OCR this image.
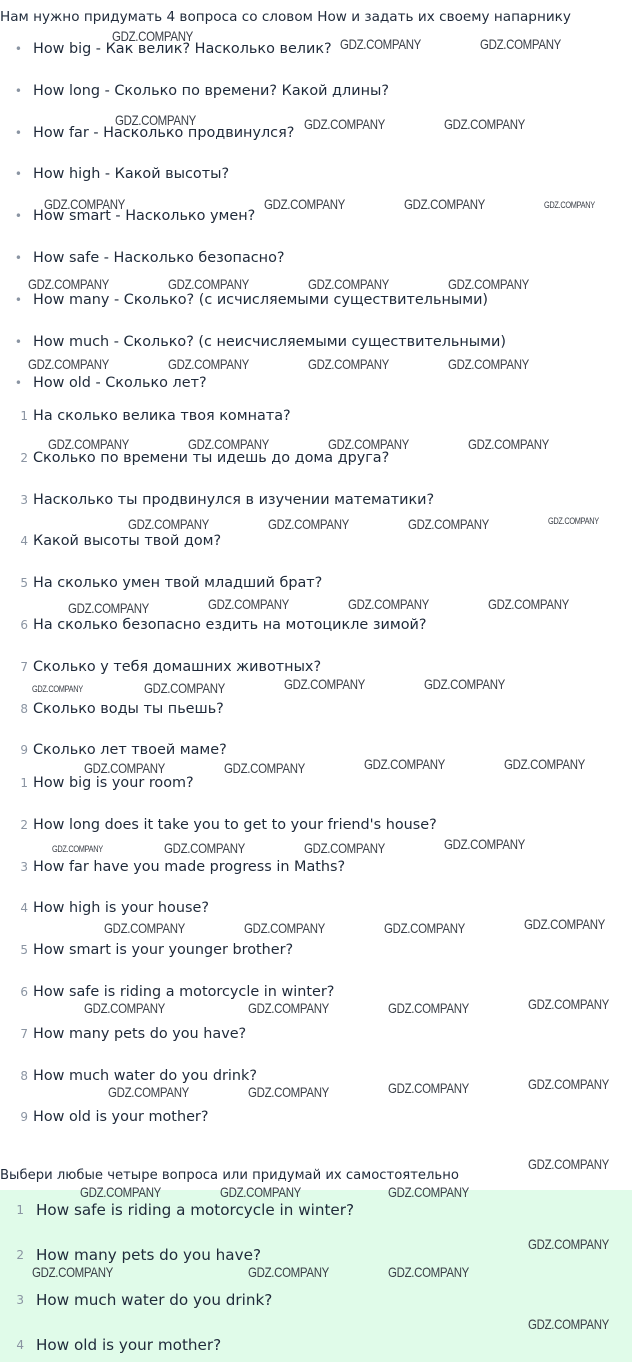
Нам нужно придумать 4 вопроса со словом How и задать их своему напарнику
• How big - Как велик? Насколько велик?
• How long - Сколько по времени? Какой длины?
• How far - Насколько продвинулся?
• How high - Какой высоты?
• How smart - Насколько умен?
• How safe - Насколько безопасно?
• How many - Сколько? (с исчисляемыми существительными)
• How much - Сколько? (с неисчисляемыми существительными)
• How old - Сколько лет?
1 На сколько велика твоя комната?
2 Сколько по времени ты идешь до дома друга?
3 Насколько ты продвинулся в изучении математики?
4 Какой высоты твой дом?
5 На сколько умен твой младший брат?
6 На сколько безопасно ездить на мотоцикле зимой?
7 Сколько у тебя домашних животных?
8 Сколько воды ты пьешь?
9 Сколько лет твоей маме?
1 How big is your room?
2 How long does it take you to get to your friend's house?
3 How far have you made progress in Maths?
4 How high is your house?
5 How smart is your younger brother?
6 How safe is riding a motorcycle in winter?
7 How many pets do you have?
8 How much water do you drink?
9 How old is your mother?
Выбери любые четыре вопроса или придумай их самостоятельно
1 How safe is riding a motorcycle in winter?
2 How many pets do you have?
3 How much water do you drink?
4 How old is your mother?
GDZ.COMPANY	GDZ.COMPANY	GDZ.COMPANY
GDZ.COMPANY	GDZ.COMPANY	GDZ.COMPANY
GDZ.COMPANY	GDZ.COMPANY	GDZ.COMPANY	GDZ.COMPANY
GDZ.COMPANY	GDZ.COMPANY	GDZ.COMPANY	GDZ.COMPANY
GDZ.COMPANY	GDZ.COMPANY	GDZ.COMPANY	GDZ.COMPANY
GDZ.COMPANY	GDZ.COMPANY	GDZ.COMPANY	GDZ.COMPANY
GDZ.COMPANY	GDZ.COMPANY	GDZ.COMPANY	GDZ.COMPANY
GDZ.COMPANY	GDZ.COMPANY	GDZ.COMPANY	GDZ.COMPANY
GDZ.COMPANY	GDZ.COMPANY	GDZ.COMPANY	GDZ.COMPANY
GDZ.COMPANY	GDZ.COMPANY	GDZ.COMPANY	GDZ.COMPANY
GDZ.COMPANY	GDZ.COMPANY	GDZ.COMPANY	GDZ.COMPANY
GDZ.COMPANY	GDZ.COMPANY	GDZ.COMPANY	GDZ.COMPANY
GDZ.COMPANY	GDZ.COMPANY	GDZ.COMPANY	GDZ.COMPANY
GDZ.COMPANY	GDZ.COMPANY	GDZ.COMPANY	GDZ.COMPANY
GDZ.COMPANY
GDZ.COMPANY	GDZ.COMPANY	GDZ.COMPANY
GDZ.COMPANY
GDZ.COMPANY	GDZ.COMPANY	GDZ.COMPANY
GDZ.COMPANY
